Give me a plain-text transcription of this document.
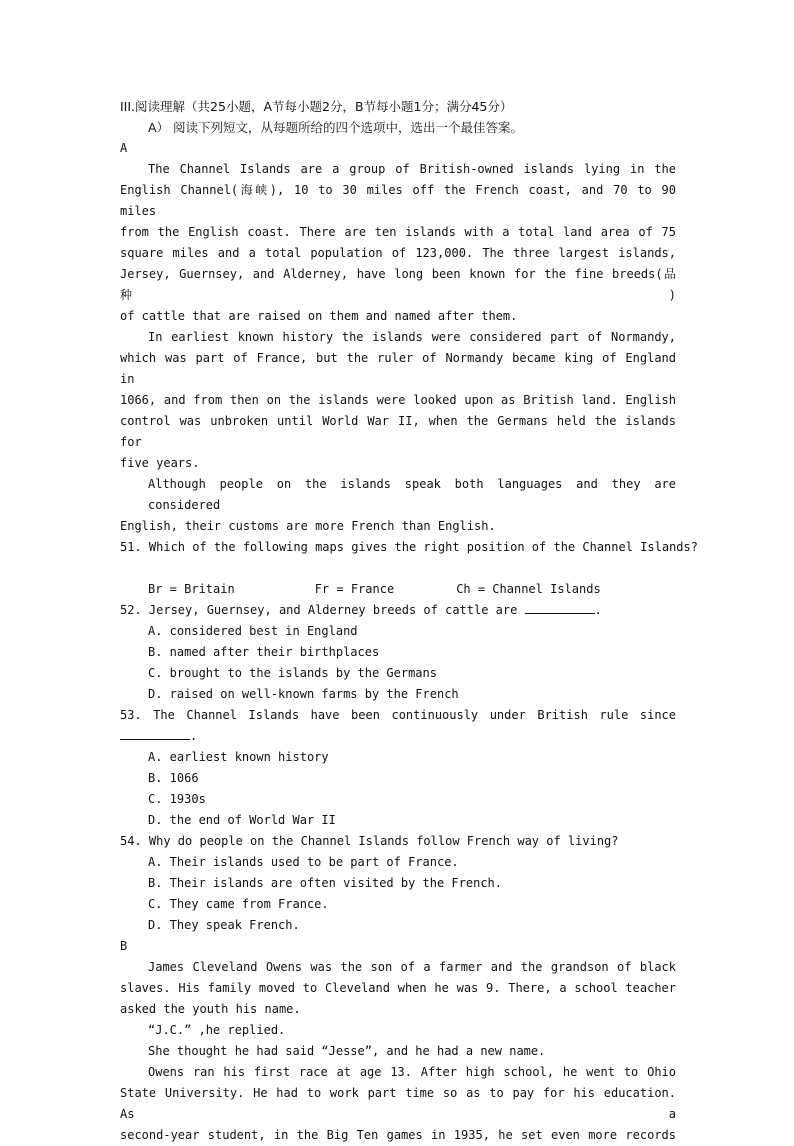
III.阅读理解（共25小题，A节每小题2分，B节每小题1分；满分45分）
A） 阅读下列短文，从每题所给的四个选项中，选出一个最佳答案。
A
The Channel Islands are a group of British-owned islands lying in the
English Channel(海峡), 10 to 30 miles off the French coast, and 70 to 90 miles
from the English coast. There are ten islands with a total land area of 75
square miles and a total population of 123,000. The three largest islands,
Jersey, Guernsey, and Alderney, have long been known for the fine breeds(品种)
of cattle that are raised on them and named after them.
In earliest known history the islands were considered part of Normandy,
which was part of France, but the ruler of Normandy became king of England in
1066, and from then on the islands were looked upon as British land. English
control was unbroken until World War II, when the Germans held the islands for
five years.
Although people on the islands speak both languages and they are considered
English, their customs are more French than English.
51. Which of the following maps gives the right position of the Channel Islands?
Br = Britain	Fr = France	Ch = Channel Islands
52. Jersey, Guernsey, and Alderney breeds of cattle are	.
A. considered best in England
B. named after their birthplaces
C. brought to the islands by the Germans
D. raised on well-known farms by the French
53. The Channel Islands have been continuously under British rule since
.
A. earliest known history
B. 1066
C. 1930s
D. the end of World War II
54. Why do people on the Channel Islands follow French way of living?
A. Their islands used to be part of France.
B. Their islands are often visited by the French.
C. They came from France.
D. They speak French.
B
James Cleveland Owens was the son of a farmer and the grandson of black
slaves. His family moved to Cleveland when he was 9. There, a school teacher
asked the youth his name.
“J.C.” ,he replied.
She thought he had said “Jesse”, and he had a new name.
Owens ran his first race at age 13. After high school, he went to Ohio
State University. He had to work part time so as to pay for his education. As a
second-year student, in the Big Ten games in 1935, he set even more records
